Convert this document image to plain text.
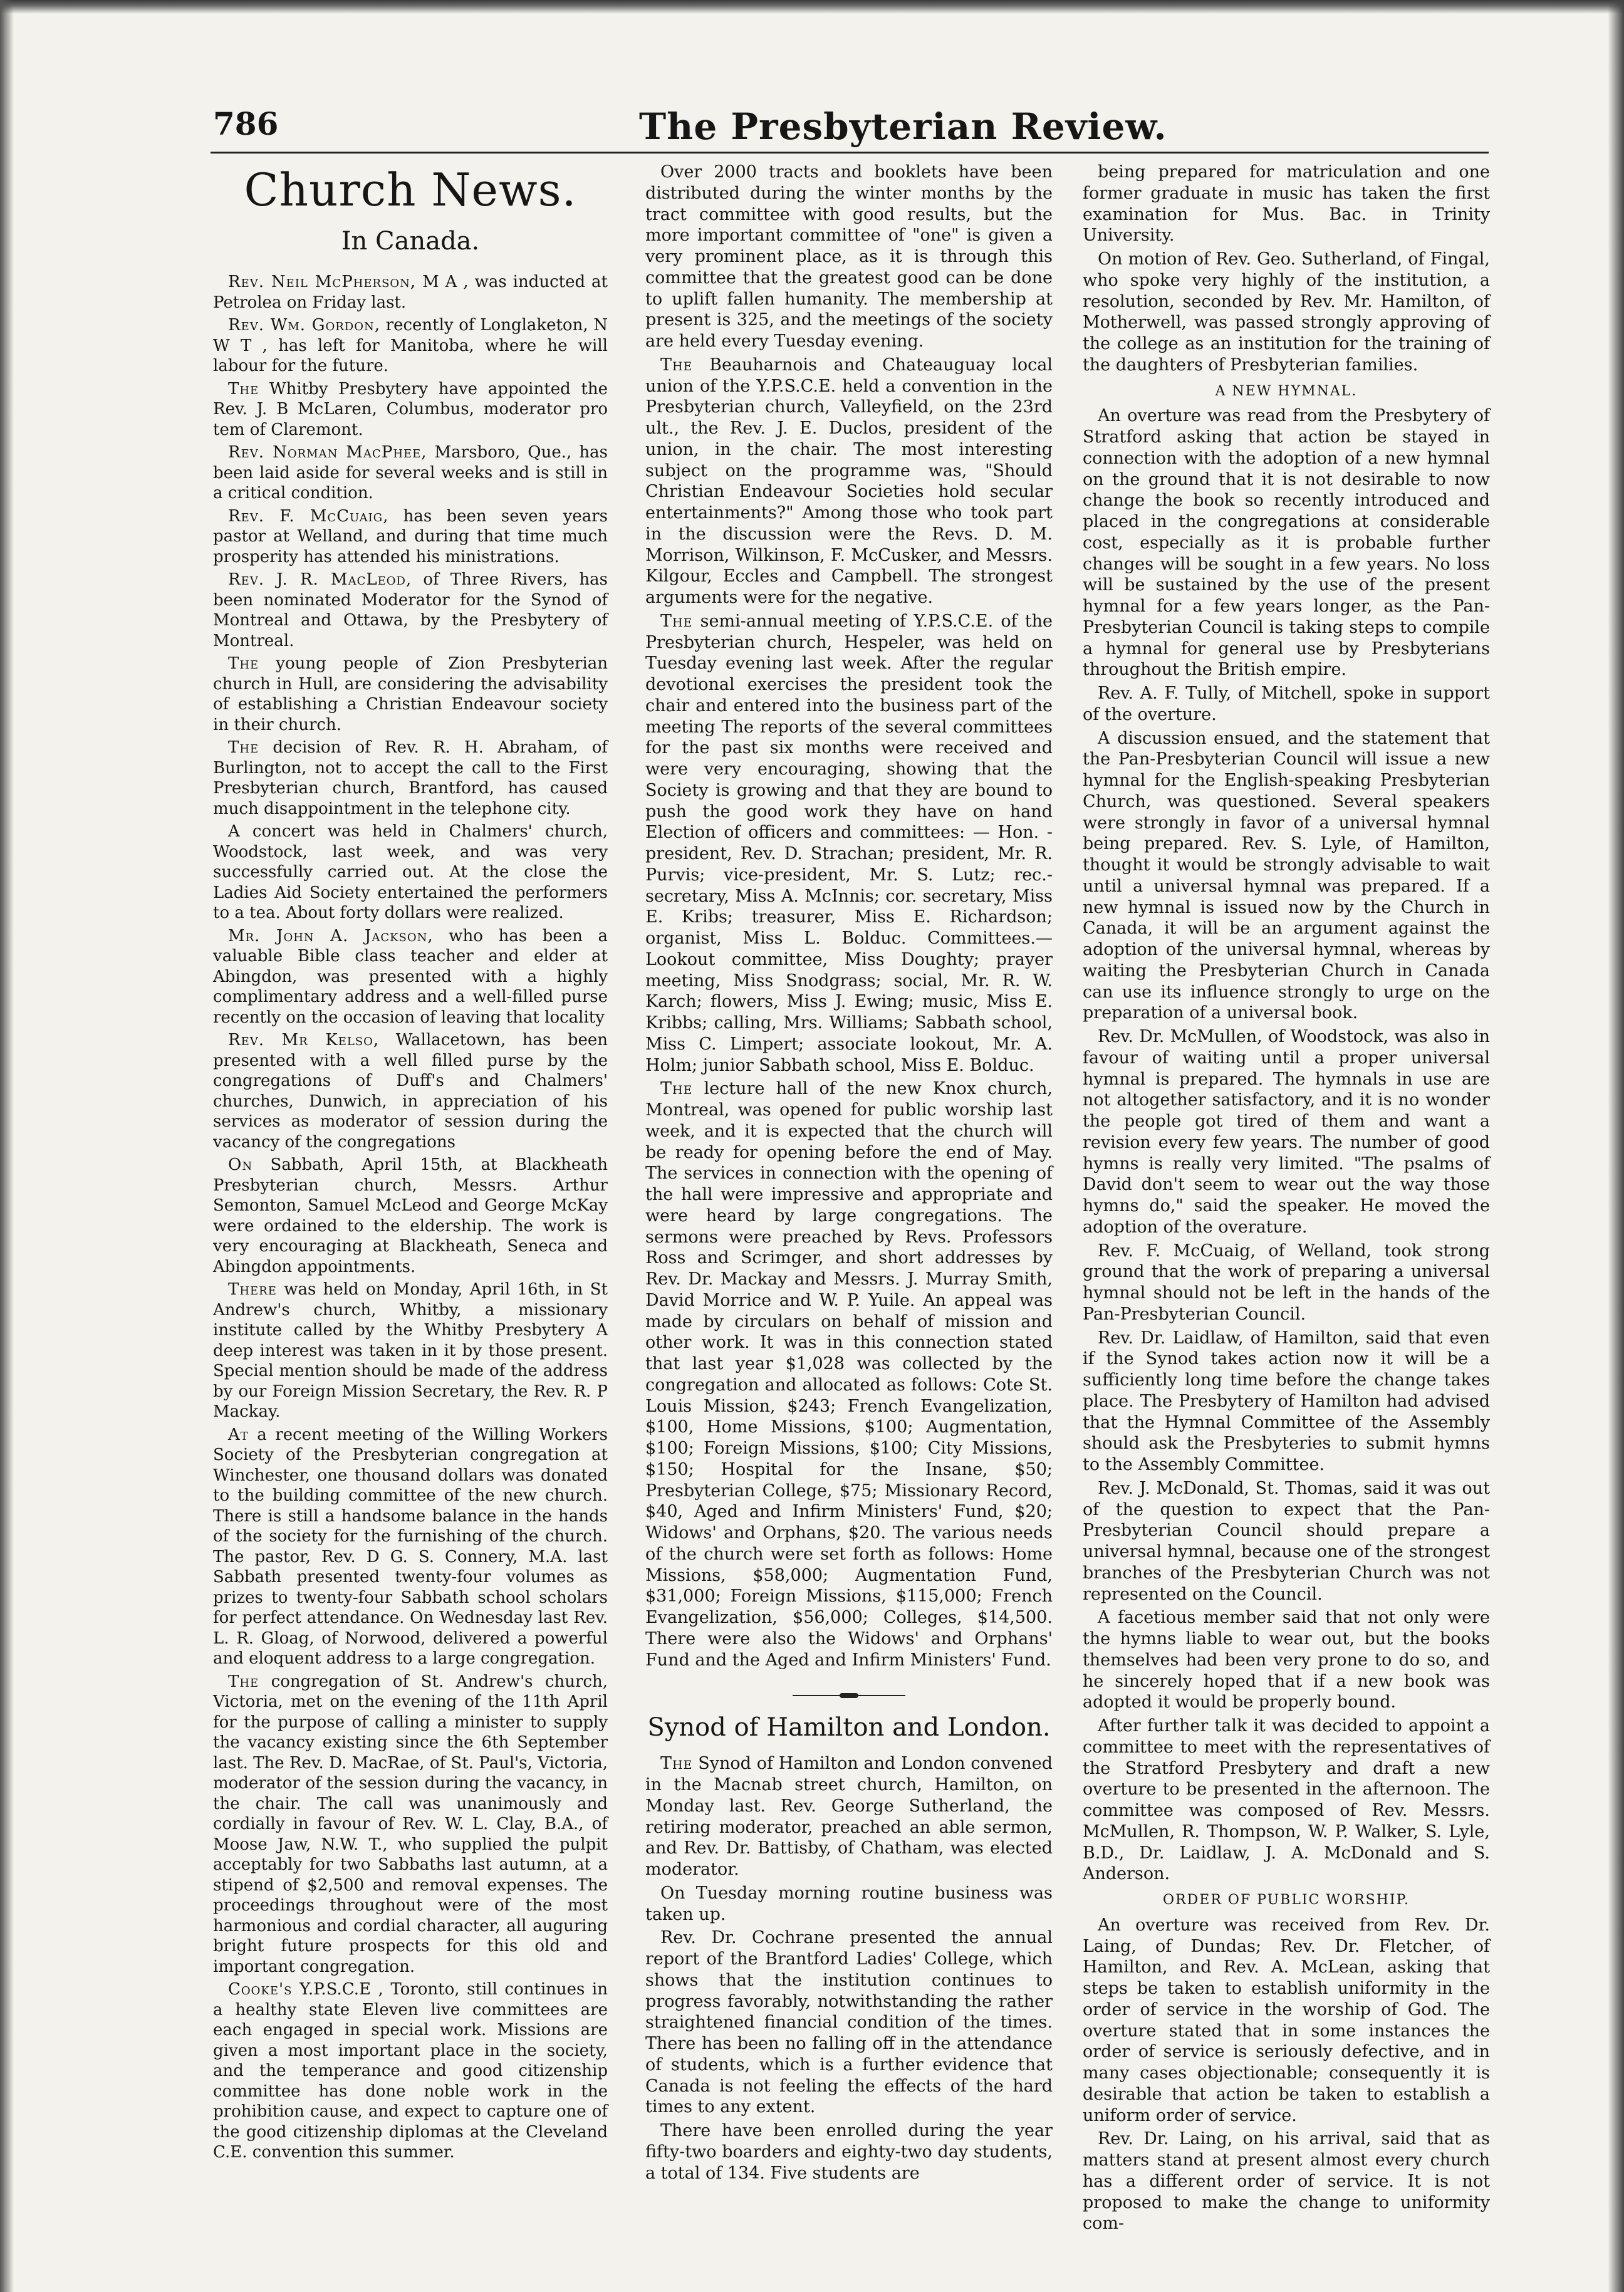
786	The Presbyterian Review.
Church News.
In Canada.

Rev. Neil McPherson, M A , was inducted at Petrolea on Friday last.

Rev. Wm. Gordon, recently of Longlaketon, N W T , has left for Manitoba, where he will labour for the future.

The Whitby Presbytery have appointed the Rev. J. B McLaren, Columbus, moderator pro tem of Claremont.

Rev. Norman MacPhee, Marsboro, Que., has been laid aside for several weeks and is still in a critical condition.

Rev. F. McCuaig, has been seven years pastor at Welland, and during that time much prosperity has attended his ministrations.

Rev. J. R. MacLeod, of Three Rivers, has been nominated Moderator for the Synod of Montreal and Ottawa, by the Presbytery of Montreal.

The young people of Zion Presbyterian church in Hull, are considering the advisability of establishing a Christian Endeavour society in their church.

The decision of Rev. R. H. Abraham, of Burlington, not to accept the call to the First Presbyterian church, Brantford, has caused much disappointment in the telephone city.

A concert was held in Chalmers' church, Woodstock, last week, and was very successfully carried out. At the close the Ladies Aid Society entertained the performers to a tea. About forty dollars were realized.

Mr. John A. Jackson, who has been a valuable Bible class teacher and elder at Abingdon, was presented with a highly complimentary address and a well-filled purse recently on the occasion of leaving that locality

Rev. Mr Kelso, Wallacetown, has been presented with a well filled purse by the congregations of Duff's and Chalmers' churches, Dunwich, in appreciation of his services as moderator of session during the vacancy of the congregations

On Sabbath, April 15th, at Blackheath Presbyterian church, Messrs. Arthur Semonton, Samuel McLeod and George McKay were ordained to the eldership. The work is very encouraging at Blackheath, Seneca and Abingdon appointments.

There was held on Monday, April 16th, in St Andrew's church, Whitby, a missionary institute called by the Whitby Presbytery A deep interest was taken in it by those present. Special mention should be made of the address by our Foreign Mission Secretary, the Rev. R. P Mackay.

At a recent meeting of the Willing Workers Society of the Presbyterian congregation at Winchester, one thousand dollars was donated to the building committee of the new church. There is still a handsome balance in the hands of the society for the furnishing of the church. The pastor, Rev. D G. S. Connery, M.A. last Sabbath presented twenty-four volumes as prizes to twenty-four Sabbath school scholars for perfect attendance. On Wednesday last Rev. L. R. Gloag, of Norwood, delivered a powerful and eloquent address to a large congregation.

The congregation of St. Andrew's church, Victoria, met on the evening of the 11th April for the purpose of calling a minister to supply the vacancy existing since the 6th September last. The Rev. D. MacRae, of St. Paul's, Victoria, moderator of the session during the vacancy, in the chair. The call was unanimously and cordially in favour of Rev. W. L. Clay, B.A., of Moose Jaw, N.W. T., who supplied the pulpit acceptably for two Sabbaths last autumn, at a stipend of $2,500 and removal expenses. The proceedings throughout were of the most harmonious and cordial character, all auguring bright future prospects for this old and important congregation.

Cooke's Y.P.S.C.E , Toronto, still continues in a healthy state Eleven live committees are each engaged in special work. Missions are given a most important place in the society, and the temperance and good citizenship committee has done noble work in the prohibition cause, and expect to capture one of the good citizenship diplomas at the Cleveland C.E. convention this summer.

Over 2000 tracts and booklets have been distributed during the winter months by the tract committee with good results, but the more important committee of "one" is given a very prominent place, as it is through this committee that the greatest good can be done to uplift fallen humanity. The membership at present is 325, and the meetings of the society are held every Tuesday evening.

The Beauharnois and Chateauguay local union of the Y.P.S.C.E. held a convention in the Presbyterian church, Valleyfield, on the 23rd ult., the Rev. J. E. Duclos, president of the union, in the chair. The most interesting subject on the programme was, "Should Christian Endeavour Societies hold secular entertainments?" Among those who took part in the discussion were the Revs. D. M. Morrison, Wilkinson, F. McCusker, and Messrs. Kilgour, Eccles and Campbell. The strongest arguments were for the negative.

The semi-annual meeting of Y.P.S.C.E. of the Presbyterian church, Hespeler, was held on Tuesday evening last week. After the regular devotional exercises the president took the chair and entered into the business part of the meeting The reports of the several committees for the past six months were received and were very encouraging, showing that the Society is growing and that they are bound to push the good work they have on hand Election of officers and committees: — Hon. - president, Rev. D. Strachan; president, Mr. R. Purvis; vice-president, Mr. S. Lutz; rec.-secretary, Miss A. McInnis; cor. secretary, Miss E. Kribs; treasurer, Miss E. Richardson; organist, Miss L. Bolduc. Committees.—Lookout committee, Miss Doughty; prayer meeting, Miss Snodgrass; social, Mr. R. W. Karch; flowers, Miss J. Ewing; music, Miss E. Kribbs; calling, Mrs. Williams; Sabbath school, Miss C. Limpert; associate lookout, Mr. A. Holm; junior Sabbath school, Miss E. Bolduc.

The lecture hall of the new Knox church, Montreal, was opened for public worship last week, and it is expected that the church will be ready for opening before the end of May. The services in connection with the opening of the hall were impressive and appropriate and were heard by large congregations. The sermons were preached by Revs. Professors Ross and Scrimger, and short addresses by Rev. Dr. Mackay and Messrs. J. Murray Smith, David Morrice and W. P. Yuile. An appeal was made by circulars on behalf of mission and other work. It was in this connection stated that last year $1,028 was collected by the congregation and allocated as follows: Cote St. Louis Mission, $243; French Evangelization, $100, Home Missions, $100; Augmentation, $100; Foreign Missions, $100; City Missions, $150; Hospital for the Insane, $50; Presbyterian College, $75; Missionary Record, $40, Aged and Infirm Ministers' Fund, $20; Widows' and Orphans, $20. The various needs of the church were set forth as follows: Home Missions, $58,000; Augmentation Fund, $31,000; Foreign Missions, $115,000; French Evangelization, $56,000; Colleges, $14,500. There were also the Widows' and Orphans' Fund and the Aged and Infirm Ministers' Fund.

Synod of Hamilton and London.

The Synod of Hamilton and London convened in the Macnab street church, Hamilton, on Monday last. Rev. George Sutherland, the retiring moderator, preached an able sermon, and Rev. Dr. Battisby, of Chatham, was elected moderator.

On Tuesday morning routine business was taken up.

Rev. Dr. Cochrane presented the annual report of the Brantford Ladies' College, which shows that the institution continues to progress favorably, notwithstanding the rather straightened financial condition of the times. There has been no falling off in the attendance of students, which is a further evidence that Canada is not feeling the effects of the hard times to any extent.

There have been enrolled during the year fifty-two boarders and eighty-two day students, a total of 134. Five students are

being prepared for matriculation and one former graduate in music has taken the first examination for Mus. Bac. in Trinity University.

On motion of Rev. Geo. Sutherland, of Fingal, who spoke very highly of the institution, a resolution, seconded by Rev. Mr. Hamilton, of Motherwell, was passed strongly approving of the college as an institution for the training of the daughters of Presbyterian families.

A NEW HYMNAL.

An overture was read from the Presbytery of Stratford asking that action be stayed in connection with the adoption of a new hymnal on the ground that it is not desirable to now change the book so recently introduced and placed in the congregations at considerable cost, especially as it is probable further changes will be sought in a few years. No loss will be sustained by the use of the present hymnal for a few years longer, as the Pan-Presbyterian Council is taking steps to compile a hymnal for general use by Presbyterians throughout the British empire.

Rev. A. F. Tully, of Mitchell, spoke in support of the overture.

A discussion ensued, and the statement that the Pan-Presbyterian Council will issue a new hymnal for the English-speaking Presbyterian Church, was questioned. Several speakers were strongly in favor of a universal hymnal being prepared. Rev. S. Lyle, of Hamilton, thought it would be strongly advisable to wait until a universal hymnal was prepared. If a new hymnal is issued now by the Church in Canada, it will be an argument against the adoption of the universal hymnal, whereas by waiting the Presbyterian Church in Canada can use its influence strongly to urge on the preparation of a universal book.

Rev. Dr. McMullen, of Woodstock, was also in favour of waiting until a proper universal hymnal is prepared. The hymnals in use are not altogether satisfactory, and it is no wonder the people got tired of them and want a revision every few years. The number of good hymns is really very limited. "The psalms of David don't seem to wear out the way those hymns do," said the speaker. He moved the adoption of the overature.

Rev. F. McCuaig, of Welland, took strong ground that the work of preparing a universal hymnal should not be left in the hands of the Pan-Presbyterian Council.

Rev. Dr. Laidlaw, of Hamilton, said that even if the Synod takes action now it will be a sufficiently long time before the change takes place. The Presbytery of Hamilton had advised that the Hymnal Committee of the Assembly should ask the Presbyteries to submit hymns to the Assembly Committee.

Rev. J. McDonald, St. Thomas, said it was out of the question to expect that the Pan-Presbyterian Council should prepare a universal hymnal, because one of the strongest branches of the Presbyterian Church was not represented on the Council.

A facetious member said that not only were the hymns liable to wear out, but the books themselves had been very prone to do so, and he sincerely hoped that if a new book was adopted it would be properly bound.

After further talk it was decided to appoint a committee to meet with the representatives of the Stratford Presbytery and draft a new overture to be presented in the afternoon. The committee was composed of Rev. Messrs. McMullen, R. Thompson, W. P. Walker, S. Lyle, B.D., Dr. Laidlaw, J. A. McDonald and S. Anderson.

ORDER OF PUBLIC WORSHIP.

An overture was received from Rev. Dr. Laing, of Dundas; Rev. Dr. Fletcher, of Hamilton, and Rev. A. McLean, asking that steps be taken to establish uniformity in the order of service in the worship of God. The overture stated that in some instances the order of service is seriously defective, and in many cases objectionable; consequently it is desirable that action be taken to establish a uniform order of service.

Rev. Dr. Laing, on his arrival, said that as matters stand at present almost every church has a different order of service. It is not proposed to make the change to uniformity com-
